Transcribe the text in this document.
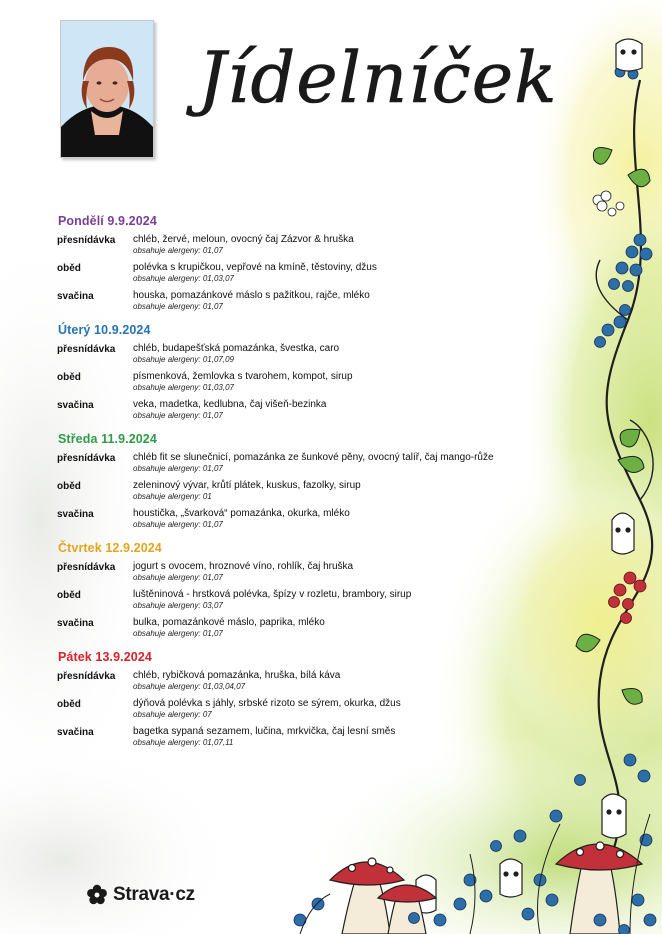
Jídelníček
Pondělí 9.9.2024
přesnídávka	chléb, žervé, meloun, ovocný čaj Zázvor & hruška
obsahuje alergeny: 01,07
oběd	polévka s krupičkou, vepřové na kmíně, těstoviny, džus
obsahuje alergeny: 01,03,07
svačina	houska, pomazánkové máslo s pažitkou, rajče, mléko
obsahuje alergeny: 01,07
Úterý 10.9.2024
přesnídávka	chléb, budapešťská pomazánka, švestka, caro
obsahuje alergeny: 01,07,09
oběd	písmenková, žemlovka s tvarohem, kompot, sirup
obsahuje alergeny: 01,03,07
svačina	veka, madetka, kedlubna, čaj višeň-bezinka
obsahuje alergeny: 01,07
Středa 11.9.2024
přesnídávka	chléb fit se slunečnicí, pomazánka ze šunkové pěny, ovocný talíř, čaj mango-růže
obsahuje alergeny: 01,07
oběd	zeleninový vývar, krůtí plátek, kuskus, fazolky, sirup
obsahuje alergeny: 01
svačina	houstička, „švarková“ pomazánka, okurka, mléko
obsahuje alergeny: 01,07
Čtvrtek 12.9.2024
přesnídávka	jogurt s ovocem, hroznové víno, rohlík, čaj hruška
obsahuje alergeny: 01,07
oběd	luštěninová - hrstková polévka, špízy v rozletu, brambory, sirup
obsahuje alergeny: 03,07
svačina	bulka, pomazánkové máslo, paprika, mléko
obsahuje alergeny: 01,07
Pátek 13.9.2024
přesnídávka	chléb, rybičková pomazánka, hruška, bílá káva
obsahuje alergeny: 01,03,04,07
oběd	dýňová polévka s jáhly, srbské rizoto se sýrem, okurka, džus
obsahuje alergeny: 07
svačina	bagetka sypaná sezamem, lučina, mrkvička, čaj lesní směs
obsahuje alergeny: 01,07,11
Strava·cz
